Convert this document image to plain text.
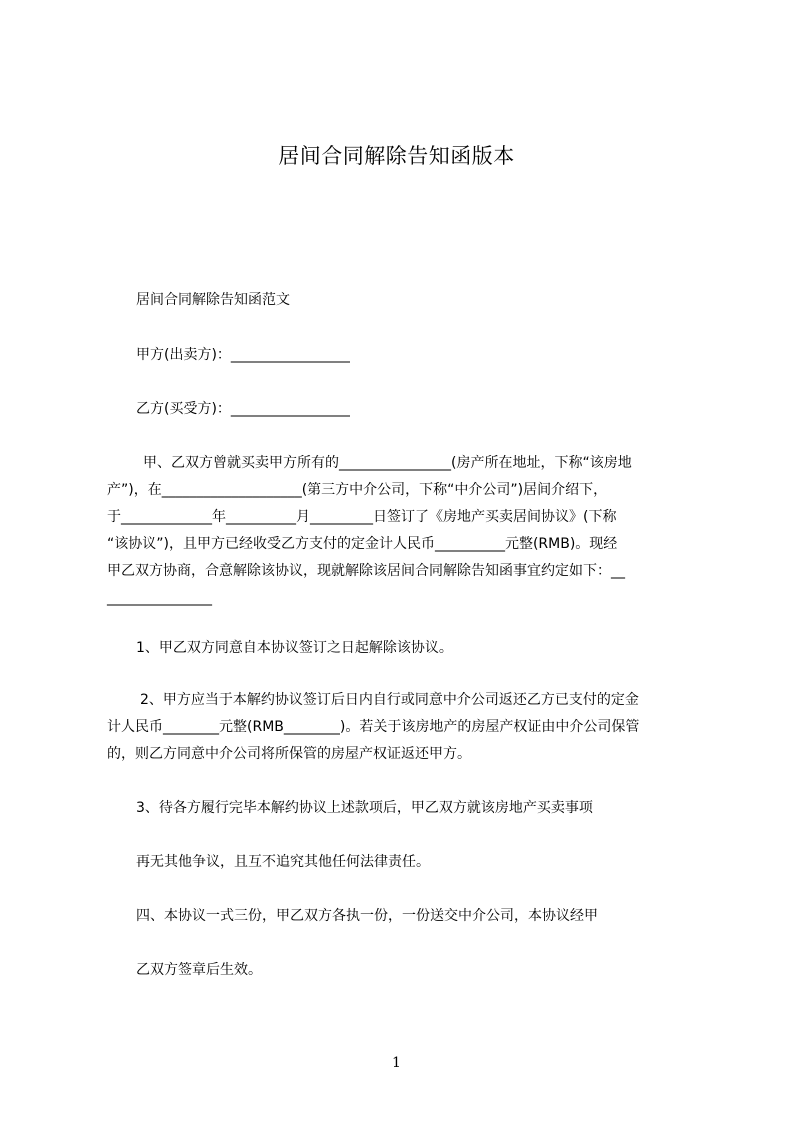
居间合同解除告知函版本
居间合同解除告知函范文
甲方(出卖方)：_________________
乙方(买受方)：_________________
甲、乙双方曾就买卖甲方所有的________________(房产所在地址，下称“该房地
产”)，在____________________(第三方中介公司，下称“中介公司”)居间介绍下，
于_____________年__________月_________日签订了《房地产买卖居间协议》(下称
“该协议”)，且甲方已经收受乙方支付的定金计人民币__________元整(RMB)。现经
甲乙双方协商，合意解除该协议，现就解除该居间合同解除告知函事宜约定如下：__
_______________
1、甲乙双方同意自本协议签订之日起解除该协议。
2、甲方应当于本解约协议签订后日内自行或同意中介公司返还乙方已支付的定金
计人民币________元整(RMB________)。若关于该房地产的房屋产权证由中介公司保管
的，则乙方同意中介公司将所保管的房屋产权证返还甲方。
3、待各方履行完毕本解约协议上述款项后，甲乙双方就该房地产买卖事项
再无其他争议，且互不追究其他任何法律责任。
四、本协议一式三份，甲乙双方各执一份，一份送交中介公司，本协议经甲
乙双方签章后生效。
1
